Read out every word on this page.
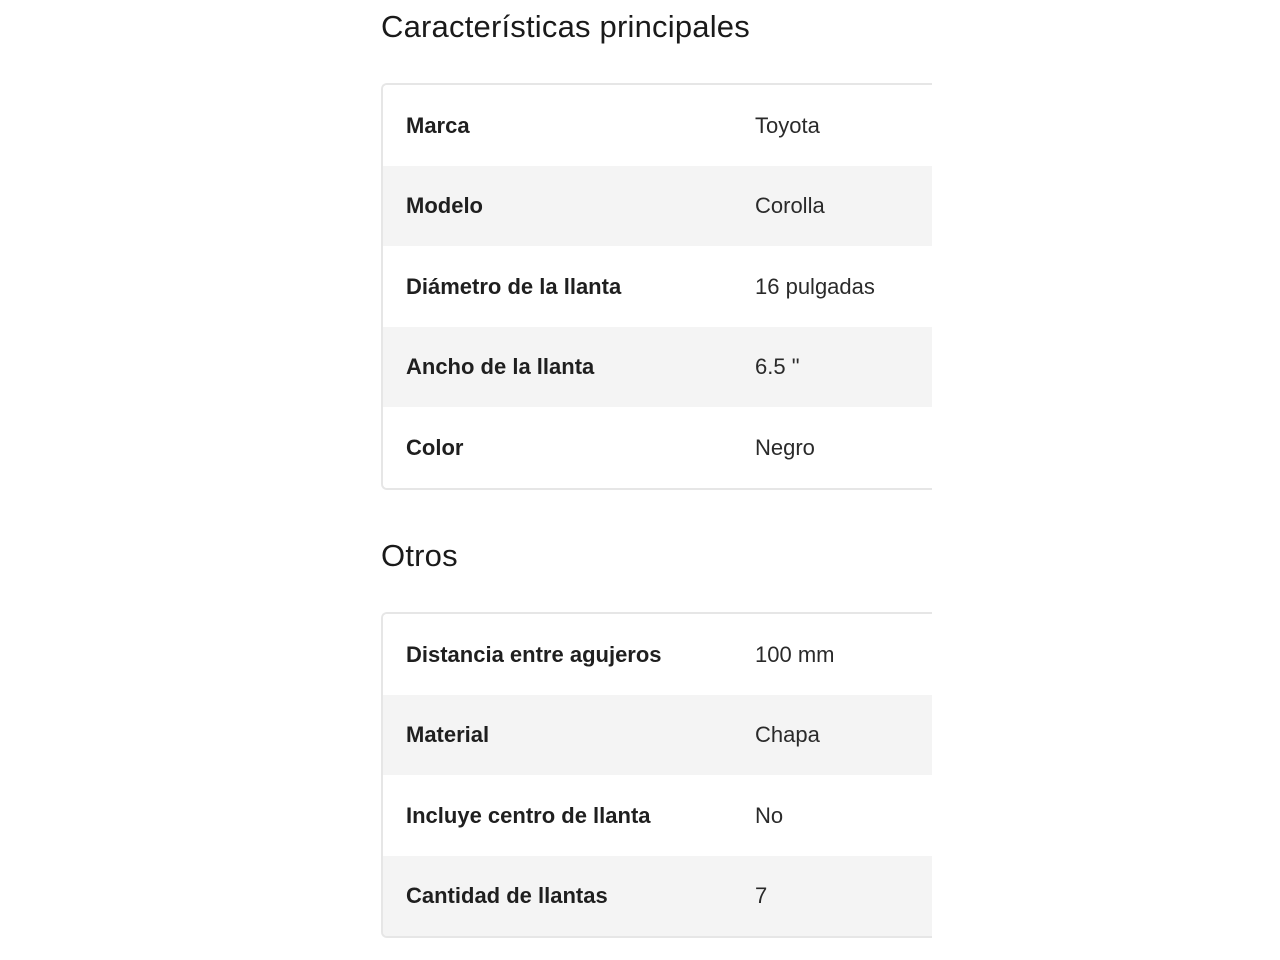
Características principales
Marca	Toyota
Modelo	Corolla
Diámetro de la llanta	16 pulgadas
Ancho de la llanta	6.5 "
Color	Negro
Otros
Distancia entre agujeros	100 mm
Material	Chapa
Incluye centro de llanta	No
Cantidad de llantas	7
